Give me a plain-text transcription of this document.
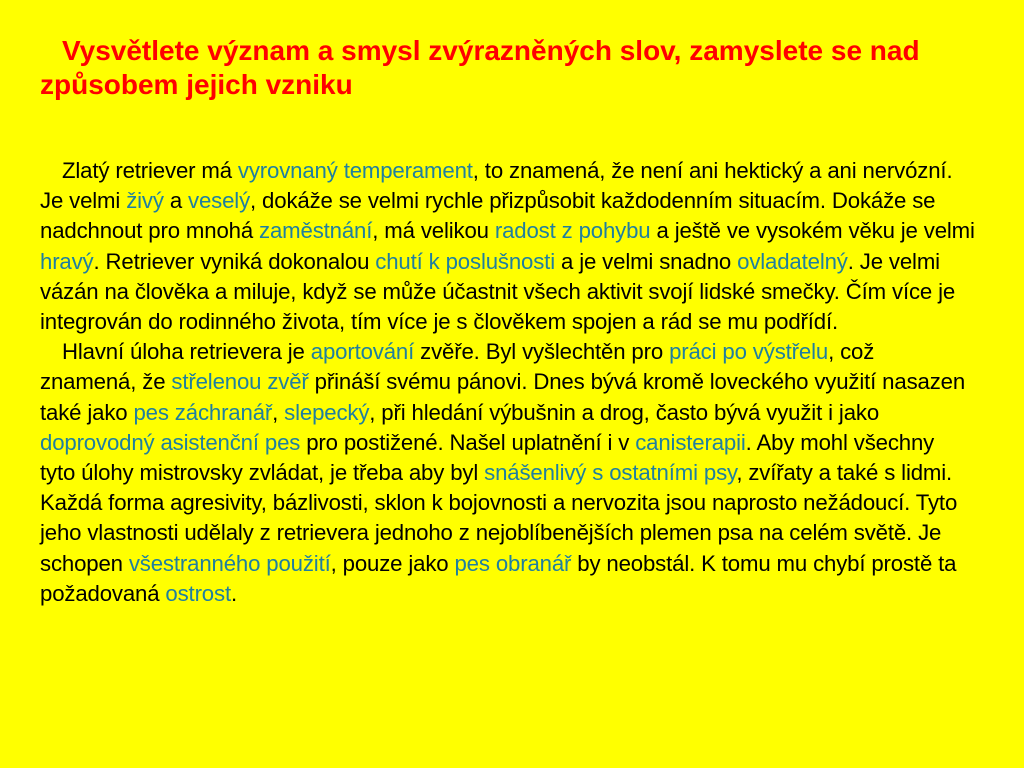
Vysvětlete význam a smysl zvýrazněných slov, zamyslete se nad způsobem jejich vzniku

Zlatý retriever má vyrovnaný temperament, to znamená, že není ani hektický a ani nervózní. Je velmi živý a veselý, dokáže se velmi rychle přizpůsobit každodenním situacím. Dokáže se nadchnout pro mnohá zaměstnání, má velikou radost z pohybu a ještě ve vysokém věku je velmi hravý. Retriever vyniká dokonalou chutí k poslušnosti a je velmi snadno ovladatelný. Je velmi vázán na člověka a miluje, když se může účastnit všech aktivit svojí lidské smečky. Čím více je integrován do rodinného života, tím více je s člověkem spojen a rád se mu podřídí.

Hlavní úloha retrievera je aportování zvěře. Byl vyšlechtěn pro práci po výstřelu, což znamená, že střelenou zvěř přináší svému pánovi. Dnes bývá kromě loveckého využití nasazen také jako pes záchranář, slepecký, při hledání výbušnin a drog, často bývá využit i jako doprovodný asistenční pes pro postižené. Našel uplatnění i v canisterapii. Aby mohl všechny tyto úlohy mistrovsky zvládat, je třeba aby byl snášenlivý s ostatními psy, zvířaty a také s lidmi. Každá forma agresivity, bázlivosti, sklon k bojovnosti a nervozita jsou naprosto nežádoucí. Tyto jeho vlastnosti udělaly z retrievera jednoho z nejoblíbenějších plemen psa na celém světě. Je schopen všestranného použití, pouze jako pes obranář by neobstál. K tomu mu chybí prostě ta požadovaná ostrost.
